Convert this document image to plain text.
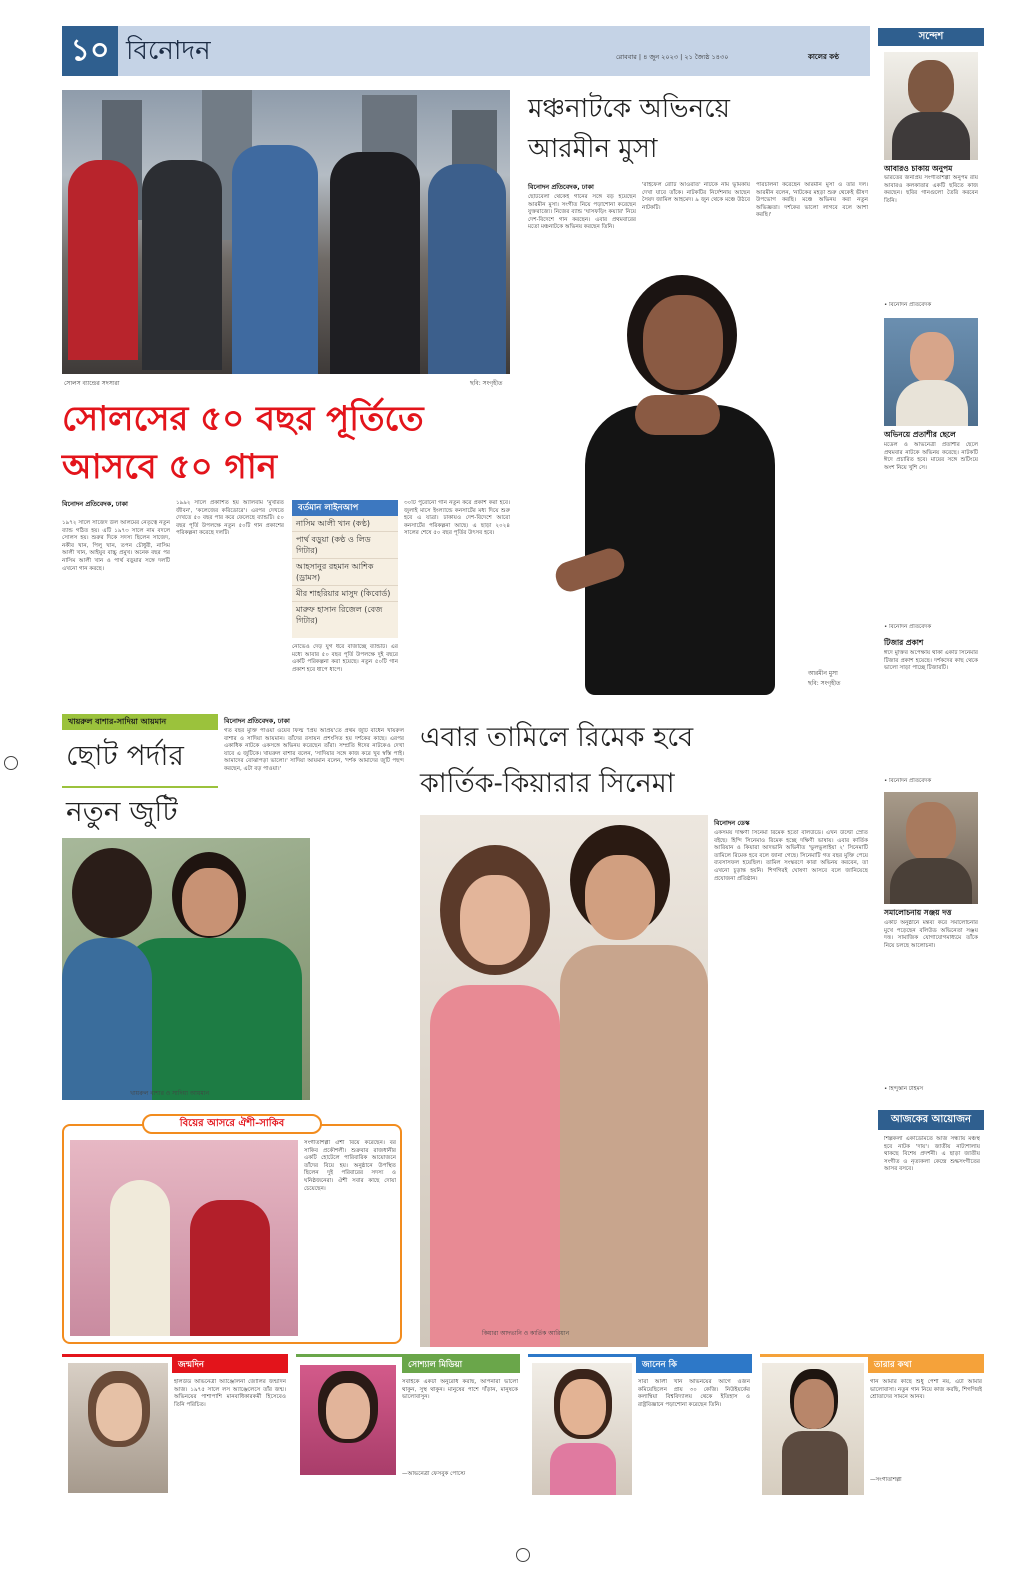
১০ বিনোদন	রোববার | ৪ জুন ২০২৩ | ২১ জ্যৈষ্ঠ ১৪৩০	কালের কণ্ঠ
সোলস ব্যান্ডের সদস্যরা	ছবি: সংগৃহীত
সোলসের ৫০ বছর পূর্তিতে
আসবে ৫০ গান
বিনোদন প্রতিবেদক, ঢাকা
১৯৭২ সালে সাজেদ উল আলমের নেতৃত্বে নতুন ব্যান্ড গঠিত হয়। এটি ১৯৭৩ সালে নাম বদলে সোলস হয়। শুরুর দিকে সদস্য ছিলেন সাজেদ, নকীব খান, পিলু খান, তপন চৌধুরী, নাসিম আলী খান, আইয়ুব বাচ্চু প্রমুখ। অনেক বছর পর নাসিম আলী খান ও পার্থ বড়ুয়ার সঙ্গে দলটি এখনো গান করছে।
১৯৯২ সালে প্রকাশিত হয় অ্যালবাম 'মুখরিত জীবন', 'কলেজের করিডোরে'। এরপর দেখতে দেখতে ৫০ বছর পার করে ফেলেছে ব্যান্ডটি। ৫০ বছর পূর্তি উপলক্ষে নতুন ৫০টি গান প্রকাশের পরিকল্পনা করেছে দলটি।
বর্তমান লাইনআপ
নাসিম আলী খান (কণ্ঠ)
পার্থ বড়ুয়া (কণ্ঠ ও লিড গিটার)
আহসানুর রহমান আশিক (ড্রামস)
মীর শাহরিয়ার মাসুদ (কিবোর্ড)
মারুফ হাসান রিজেল (বেজ গিটার)
নোভেও দেড় যুগ ধরে বাজাচ্ছে ব্যান্ডটি। এর মধ্যে আবার ৫০ বছর পূর্তি উপলক্ষে দুই বছরে একটি পরিকল্পনা করা হয়েছে। নতুন ৫০টি গান প্রকাশ হবে ধাপে ধাপে।
৩০টি পুরোনো গান নতুন করে প্রকাশ করা হবে। জুলাই মাসে ইংল্যান্ডে কনসার্টের মধ্য দিয়ে শুরু হবে এ যাত্রা। ঢাকায়ও দেশ-বিদেশে আরো কনসার্টের পরিকল্পনা আছে। এ ছাড়া ২০২৪ সালের শেষে ৫০ বছর পূর্তির উৎসব হবে।
মঞ্চনাটকে অভিনয়ে
আরমীন মুসা
বিনোদন প্রতিবেদক, ঢাকা
ছোটবেলা থেকেই গানের সঙ্গে বড় হয়েছেন আরমীন মুসা। সংগীত নিয়ে পড়াশোনা করেছেন যুক্তরাজ্যে। নিজের ব্যান্ড 'ঘাসফড়িং কয়্যার' নিয়ে দেশ-বিদেশে গান করছেন। এবার প্রথমবারের মতো মঞ্চনাটকে অভিনয় করছেন তিনি।
'রাইফেল রোটি আওরাত' নাটকে নাম ভূমিকায় দেখা যাবে তাঁকে। নাটকটির নির্দেশনায় আছেন সৈয়দ জামিল আহমেদ। ৯ জুন থেকে মঞ্চে উঠবে নাটকটি।
পরিচালনা করেছেন আরমীন মুসা ও তাঁর দল। আরমীন বলেন, 'নাটকের মহড়া শুরু থেকেই ভীষণ উপভোগ করছি। মঞ্চে অভিনয় করা নতুন অভিজ্ঞতা। দর্শকের ভালো লাগবে বলে আশা করছি।'
আরমীন মুসা
ছবি: সংগৃহীত
খায়রুল বাশার-সাদিয়া আয়মান
ছোট পর্দার
নতুন জুটি
খায়রুল বাশার ও সাদিয়া আয়মান
বিনোদন প্রতিবেদক, ঢাকা
গত বছর মুক্তি পাওয়া ওয়েব ফিল্ম 'প্রিয় অপ্রিয়'তে প্রথম জুটি বাঁধেন খায়রুল বাশার ও সাদিয়া আয়মান। তাঁদের রসায়ন প্রশংসিত হয় দর্শকের কাছে। এরপর একাধিক নাটকে একসঙ্গে অভিনয় করেছেন তাঁরা। সম্প্রতি ঈদের নাটকেও দেখা যাবে এ জুটিকে। খায়রুল বাশার বলেন, 'সাদিয়ার সঙ্গে কাজ করে খুব স্বস্তি পাই। আমাদের বোঝাপড়া ভালো।' সাদিয়া আয়মান বলেন, 'দর্শক আমাদের জুটি পছন্দ করছেন, এটা বড় পাওয়া।'
বিয়ের আসরে ঐশী-সাকিব
সংগীতশিল্পী ঐশী বিয়ে করেছেন। বর সাকিব প্রকৌশলী। শুক্রবার রাজধানীর একটি হোটেলে পারিবারিক আয়োজনে তাঁদের বিয়ে হয়। অনুষ্ঠানে উপস্থিত ছিলেন দুই পরিবারের সদস্য ও ঘনিষ্ঠজনেরা। ঐশী সবার কাছে দোয়া চেয়েছেন।
এবার তামিলে রিমেক হবে
কার্তিক-কিয়ারার সিনেমা
কিয়ারা আদভানি ও কার্তিক আরিয়ান
বিনোদন ডেস্ক
একসময় দক্ষিণী সিনেমা রিমেক হতো বলিউডে। এখন উল্টো স্রোত বইছে। হিন্দি সিনেমাও রিমেক হচ্ছে দক্ষিণী ভাষায়। এবার কার্তিক আরিয়ান ও কিয়ারা আদভানি অভিনীত 'ভুলভুলাইয়া ২' সিনেমাটি তামিলে রিমেক হবে বলে জানা গেছে। সিনেমাটি গত বছর মুক্তি পেয়ে ব্যবসাসফল হয়েছিল। তামিল সংস্করণে কারা অভিনয় করবেন, তা এখনো চূড়ান্ত হয়নি। শিগগিরই ঘোষণা আসবে বলে জানিয়েছে প্রযোজনা প্রতিষ্ঠান।
সন্দেশ
আবারও চাকায় অনুপম
ভারতের জনপ্রিয় সংগীতশিল্পী অনুপম রায় আবারও কলকাতার একটি ছবিতে কাজ করছেন। ছবির গানগুলো তৈরি করবেন তিনি।
• বিনোদন প্রতিবেদক
অভিনয়ে প্রতাশীর ছেলে
মডেল ও অভিনেত্রী প্রতাশীর ছেলে প্রথমবার নাটকে অভিনয় করেছে। নাটকটি ঈদে প্রচারিত হবে। মায়ের সঙ্গে শুটিংয়ে অংশ নিয়ে খুশি সে।
• বিনোদন প্রতিবেদক
টিজার প্রকাশ
ঈদে মুক্তির অপেক্ষায় থাকা একটি সিনেমার টিজার প্রকাশ হয়েছে। দর্শকদের কাছ থেকে ভালো সাড়া পাচ্ছে টিজারটি।
• বিনোদন প্রতিবেদক
সমালোচনায় সঞ্জয় দত্ত
একটি অনুষ্ঠানে মন্তব্য করে সমালোচনার মুখে পড়েছেন বলিউড অভিনেতা সঞ্জয় দত্ত। সামাজিক যোগাযোগমাধ্যমে তাঁকে নিয়ে চলছে আলোচনা।
• হিন্দুস্তান টাইমস
আজকের আয়োজন
শিল্পকলা একাডেমিতে আজ সন্ধ্যায় মঞ্চস্থ হবে নাটক 'দায়'। জাতীয় নাট্যশালায় থাকছে বিশেষ প্রদর্শনী। এ ছাড়া জাতীয় সংগীত ও নৃত্যকলা কেন্দ্রে শুদ্ধসংগীতের আসর বসবে।
জন্মদিন
হলিউড অভিনেত্রী অ্যাঞ্জেলিনা জোলির জন্মদিন আজ। ১৯৭৫ সালে লস অ্যাঞ্জেলেসে তাঁর জন্ম। অভিনয়ের পাশাপাশি মানবাধিকারকর্মী হিসেবেও তিনি পরিচিত।
সোশ্যাল মিডিয়া
সবাইকে একটা অনুরোধ করছি, আপনারা ভালো থাকুন, সুস্থ থাকুন। মানুষের পাশে দাঁড়ান, মানুষকে ভালোবাসুন।
—অভিনেত্রী ফেসবুক পোস্টে
জানেন কি
সারা আলী খান অভিনয়ের আগে ওজন কমিয়েছিলেন প্রায় ৩০ কেজি। নিউইয়র্কের কলাম্বিয়া বিশ্ববিদ্যালয় থেকে ইতিহাস ও রাষ্ট্রবিজ্ঞানে পড়াশোনা করেছেন তিনি।
তারার কথা
গান আমার কাছে শুধু পেশা নয়, এটা আমার ভালোবাসা। নতুন গান নিয়ে কাজ করছি, শিগগিরই শ্রোতাদের সামনে আনব।
—সংগীতশিল্পী
